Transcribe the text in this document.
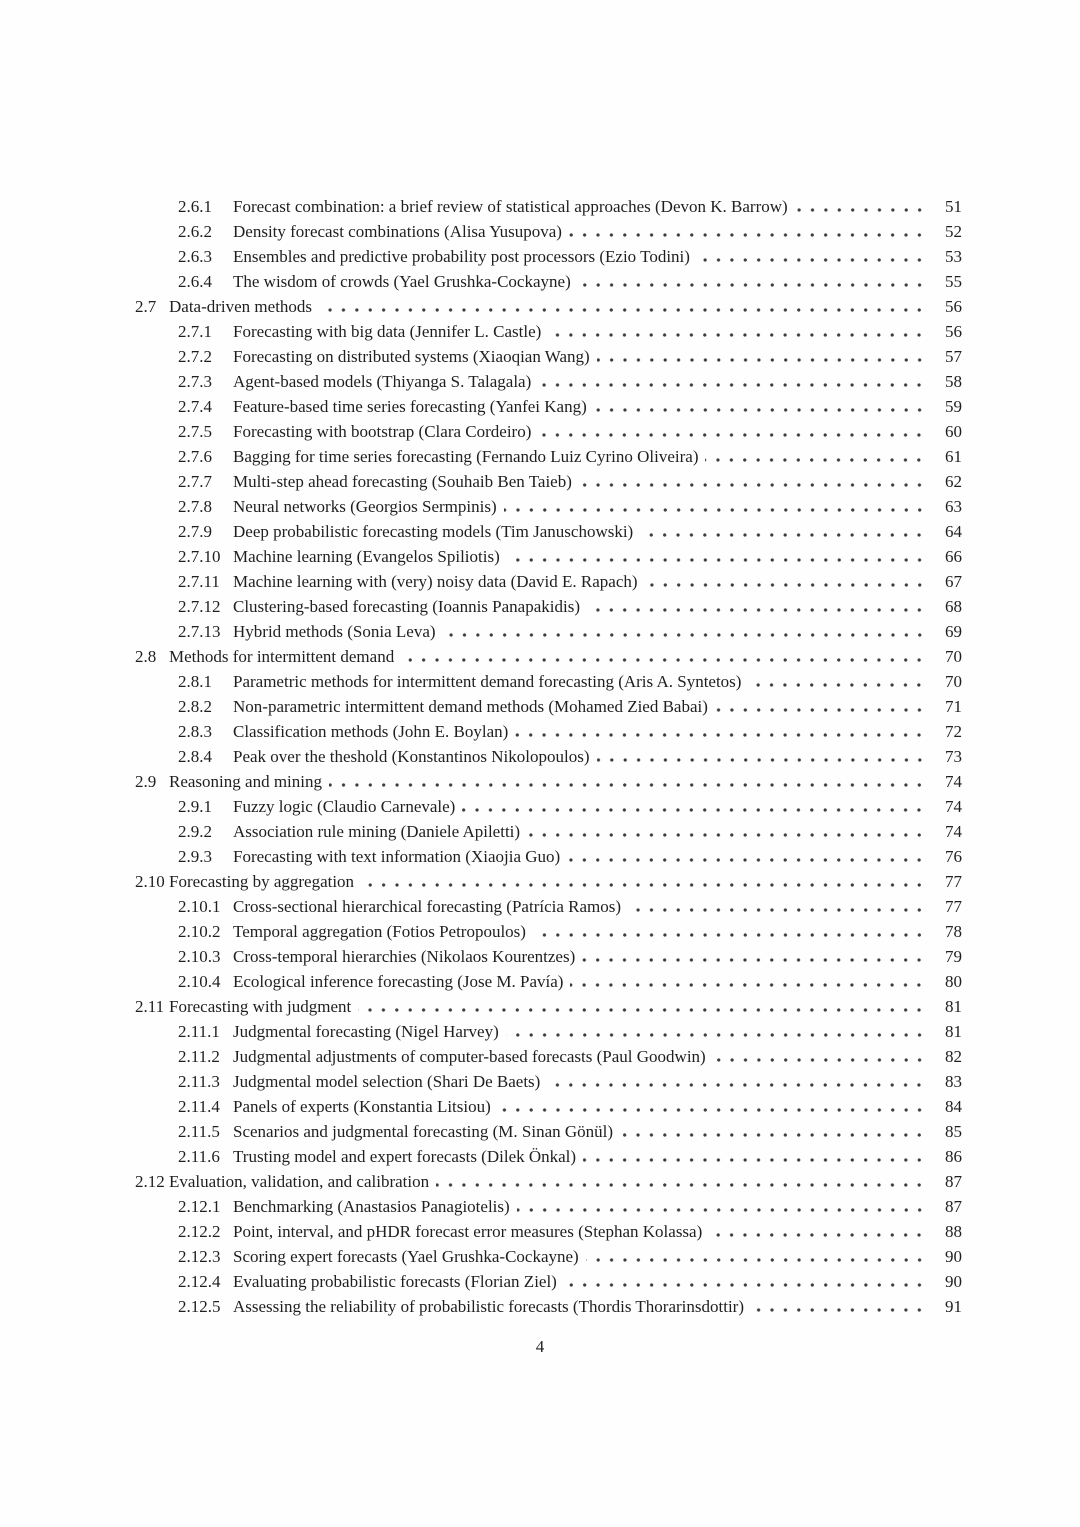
2.6.1	Forecast combination: a brief review of statistical approaches (Devon K. Barrow)	51
2.6.2	Density forecast combinations (Alisa Yusupova)	52
2.6.3	Ensembles and predictive probability post processors (Ezio Todini)	53
2.6.4	The wisdom of crowds (Yael Grushka-Cockayne)	55
2.7 Data-driven methods	56
2.7.1	Forecasting with big data (Jennifer L. Castle)	56
2.7.2	Forecasting on distributed systems (Xiaoqian Wang)	57
2.7.3	Agent-based models (Thiyanga S. Talagala)	58
2.7.4	Feature-based time series forecasting (Yanfei Kang)	59
2.7.5	Forecasting with bootstrap (Clara Cordeiro)	60
2.7.6	Bagging for time series forecasting (Fernando Luiz Cyrino Oliveira)	61
2.7.7	Multi-step ahead forecasting (Souhaib Ben Taieb)	62
2.7.8	Neural networks (Georgios Sermpinis)	63
2.7.9	Deep probabilistic forecasting models (Tim Januschowski)	64
2.7.10 Machine learning (Evangelos Spiliotis)	66
2.7.11 Machine learning with (very) noisy data (David E. Rapach)	67
2.7.12 Clustering-based forecasting (Ioannis Panapakidis)	68
2.7.13 Hybrid methods (Sonia Leva)	69
2.8 Methods for intermittent demand	70
2.8.1	Parametric methods for intermittent demand forecasting (Aris A. Syntetos)	70
2.8.2	Non-parametric intermittent demand methods (Mohamed Zied Babai)	71
2.8.3	Classification methods (John E. Boylan)	72
2.8.4	Peak over the theshold (Konstantinos Nikolopoulos)	73
2.9 Reasoning and mining	74
2.9.1	Fuzzy logic (Claudio Carnevale)	74
2.9.2	Association rule mining (Daniele Apiletti)	74
2.9.3	Forecasting with text information (Xiaojia Guo)	76
2.10 Forecasting by aggregation	77
2.10.1 Cross-sectional hierarchical forecasting (Patrícia Ramos)	77
2.10.2 Temporal aggregation (Fotios Petropoulos)	78
2.10.3 Cross-temporal hierarchies (Nikolaos Kourentzes)	79
2.10.4 Ecological inference forecasting (Jose M. Pavía)	80
2.11 Forecasting with judgment	81
2.11.1 Judgmental forecasting (Nigel Harvey)	81
2.11.2 Judgmental adjustments of computer-based forecasts (Paul Goodwin)	82
2.11.3 Judgmental model selection (Shari De Baets)	83
2.11.4 Panels of experts (Konstantia Litsiou)	84
2.11.5 Scenarios and judgmental forecasting (M. Sinan Gönül)	85
2.11.6 Trusting model and expert forecasts (Dilek Önkal)	86
2.12 Evaluation, validation, and calibration	87
2.12.1 Benchmarking (Anastasios Panagiotelis)	87
2.12.2 Point, interval, and pHDR forecast error measures (Stephan Kolassa)	88
2.12.3 Scoring expert forecasts (Yael Grushka-Cockayne)	90
2.12.4 Evaluating probabilistic forecasts (Florian Ziel)	90
2.12.5 Assessing the reliability of probabilistic forecasts (Thordis Thorarinsdottir)	91
4
